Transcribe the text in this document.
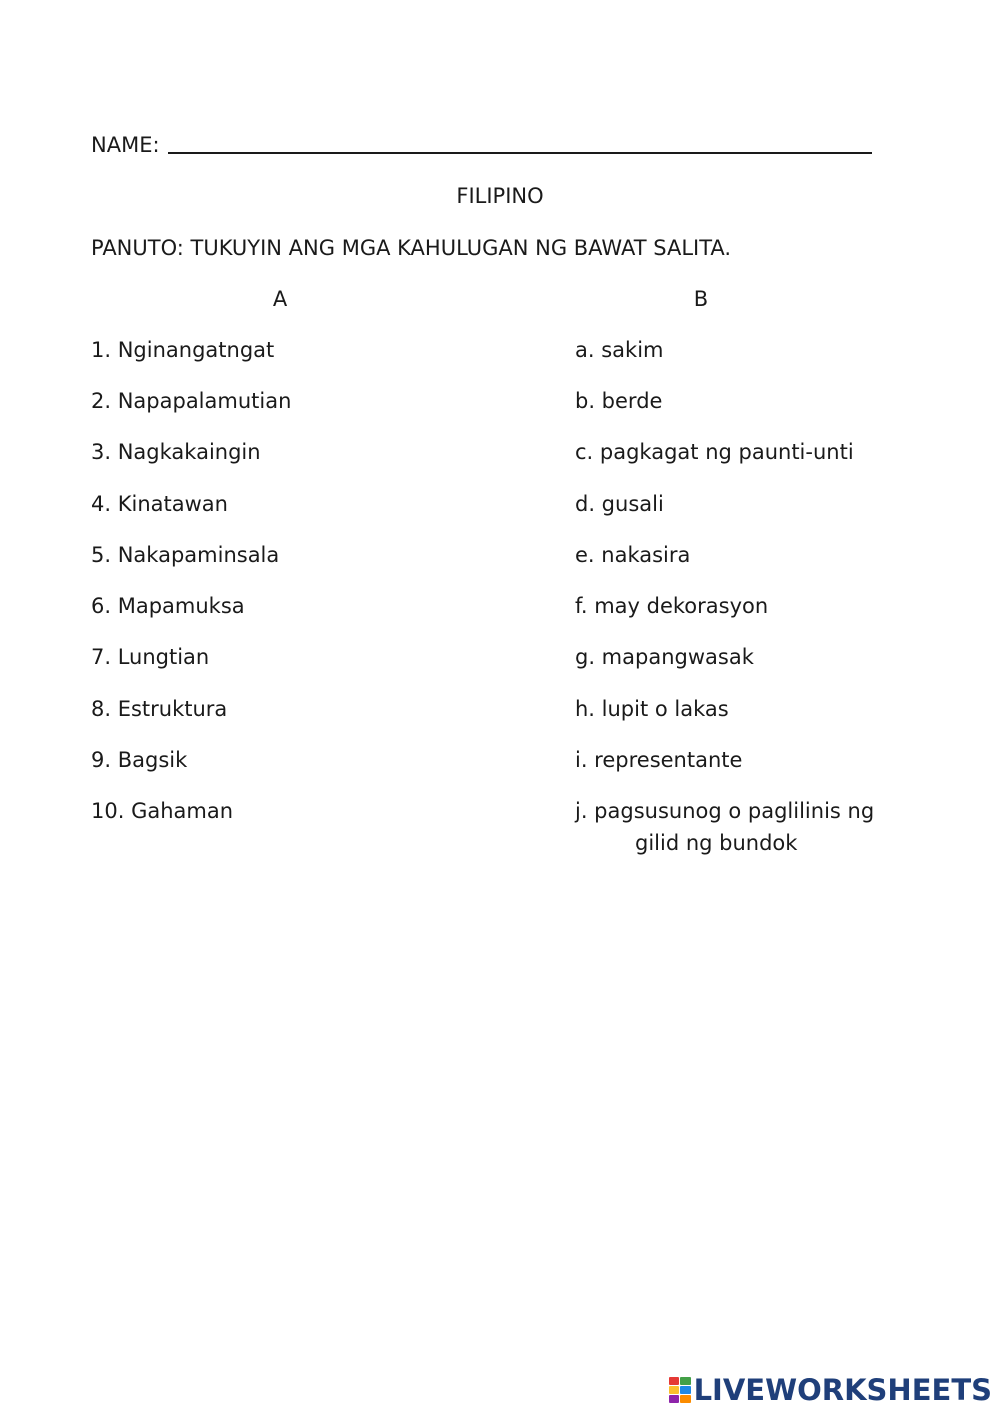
NAME:
FILIPINO
PANUTO: TUKUYIN ANG MGA KAHULUGAN NG BAWAT SALITA.
A	B
1. Nginangatngat
2. Napapalamutian
3. Nagkakaingin
4. Kinatawan
5. Nakapaminsala
6. Mapamuksa
7. Lungtian
8. Estruktura
9. Bagsik
10. Gahaman
a. sakim
b. berde
c. pagkagat ng paunti-unti
d. gusali
e. nakasira
f. may dekorasyon
g. mapangwasak
h. lupit o lakas
i. representante
j. pagsusunog o paglilinis ng
gilid ng bundok
LIVEWORKSHEETS
